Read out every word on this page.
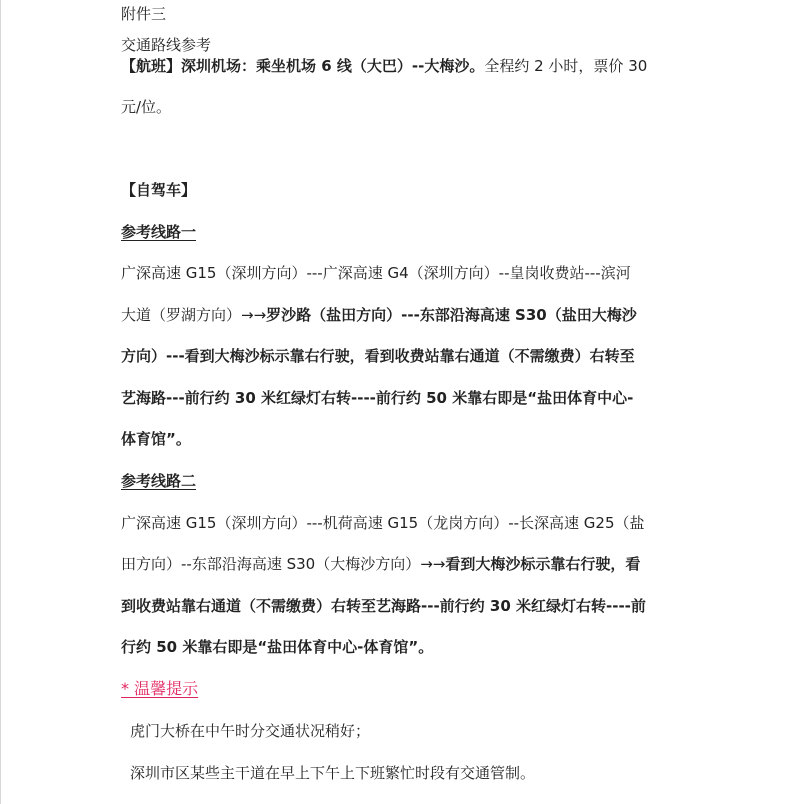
附件三
交通路线参考
【航班】深圳机场：乘坐机场 6 线（大巴）--大梅沙。全程约 2 小时，票价 30
元/位。
【自驾车】
参考线路一
广深高速 G15（深圳方向）---广深高速 G4（深圳方向）--皇岗收费站---滨河
大道（罗湖方向）→→罗沙路（盐田方向）---东部沿海高速 S30（盐田大梅沙
方向）---看到大梅沙标示靠右行驶，看到收费站靠右通道（不需缴费）右转至
艺海路---前行约 30 米红绿灯右转----前行约 50 米靠右即是“盐田体育中心-
体育馆”。
参考线路二
广深高速 G15（深圳方向）---机荷高速 G15（龙岗方向）--长深高速 G25（盐
田方向）--东部沿海高速 S30（大梅沙方向）→→看到大梅沙标示靠右行驶，看
到收费站靠右通道（不需缴费）右转至艺海路---前行约 30 米红绿灯右转----前
行约 50 米靠右即是“盐田体育中心-体育馆”。
* 温馨提示
虎门大桥在中午时分交通状况稍好；
深圳市区某些主干道在早上下午上下班繁忙时段有交通管制。
